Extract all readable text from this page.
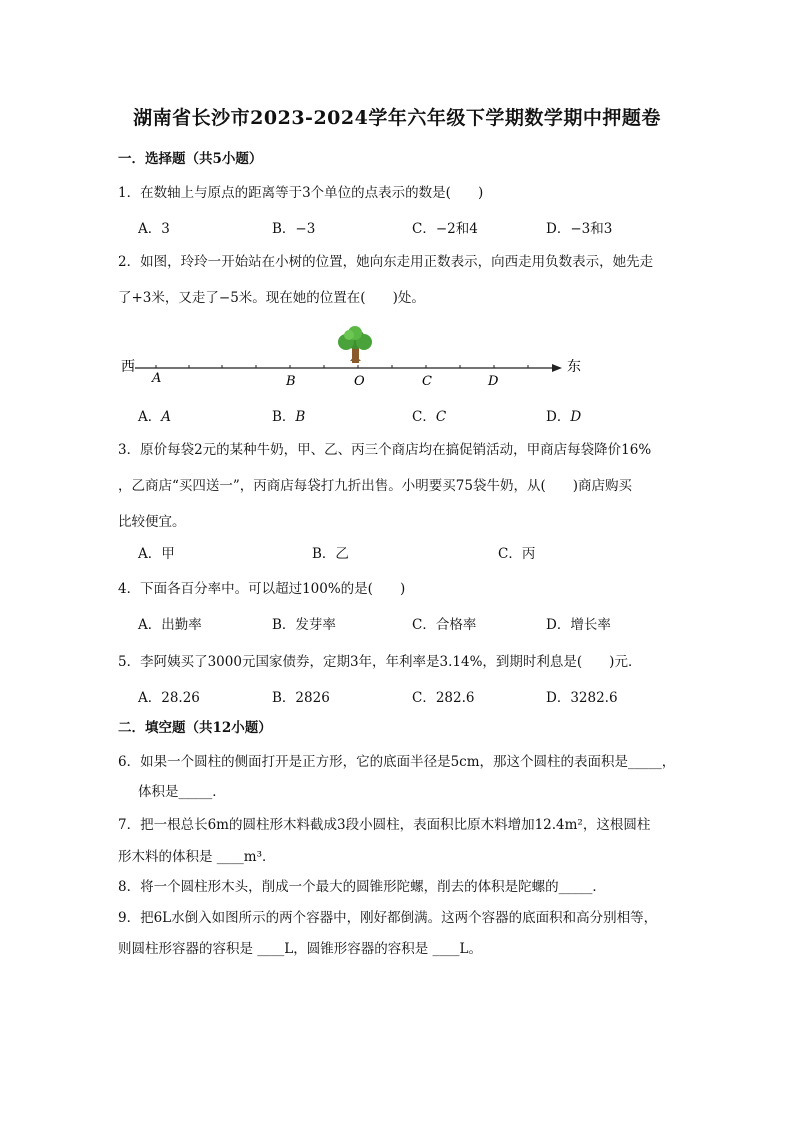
湖南省长沙市2023-2024学年六年级下学期数学期中押题卷
一．选择题（共5小题）
1．在数轴上与原点的距离等于3个单位的点表示的数是(　　)
A．3	B．−3	C．−2和4	D．−3和3
2．如图，玲玲一开始站在小树的位置，她向东走用正数表示，向西走用负数表示，她先走
了+3米，又走了−5米。现在她的位置在(　　)处。
西	东
A	B	O	C	D
A．A	B．B	C．C	D．D
3．原价每袋2元的某种牛奶，甲、乙、丙三个商店均在搞促销活动，甲商店每袋降价16%
，乙商店“买四送一”，丙商店每袋打九折出售。小明要买75袋牛奶，从(　　)商店购买
比较便宜。
A．甲	B．乙	C．丙
4．下面各百分率中。可以超过100%的是(　　)
A．出勤率	B．发芽率	C．合格率	D．增长率
5．李阿姨买了3000元国家债券，定期3年，年利率是3.14%，到期时利息是(　　)元．
A．28.26	B．2826	C．282.6	D．3282.6
二．填空题（共12小题）
6．如果一个圆柱的侧面打开是正方形，它的底面半径是5cm，那这个圆柱的表面积是_____，
体积是_____．
7．把一根总长6m的圆柱形木料截成3段小圆柱，表面积比原木料增加12.4m²，这根圆柱
形木料的体积是 ____m³．
8．将一个圆柱形木头，削成一个最大的圆锥形陀螺，削去的体积是陀螺的_____．
9．把6L水倒入如图所示的两个容器中，刚好都倒满。这两个容器的底面积和高分别相等，
则圆柱形容器的容积是 ____L，圆锥形容器的容积是 ____L。
